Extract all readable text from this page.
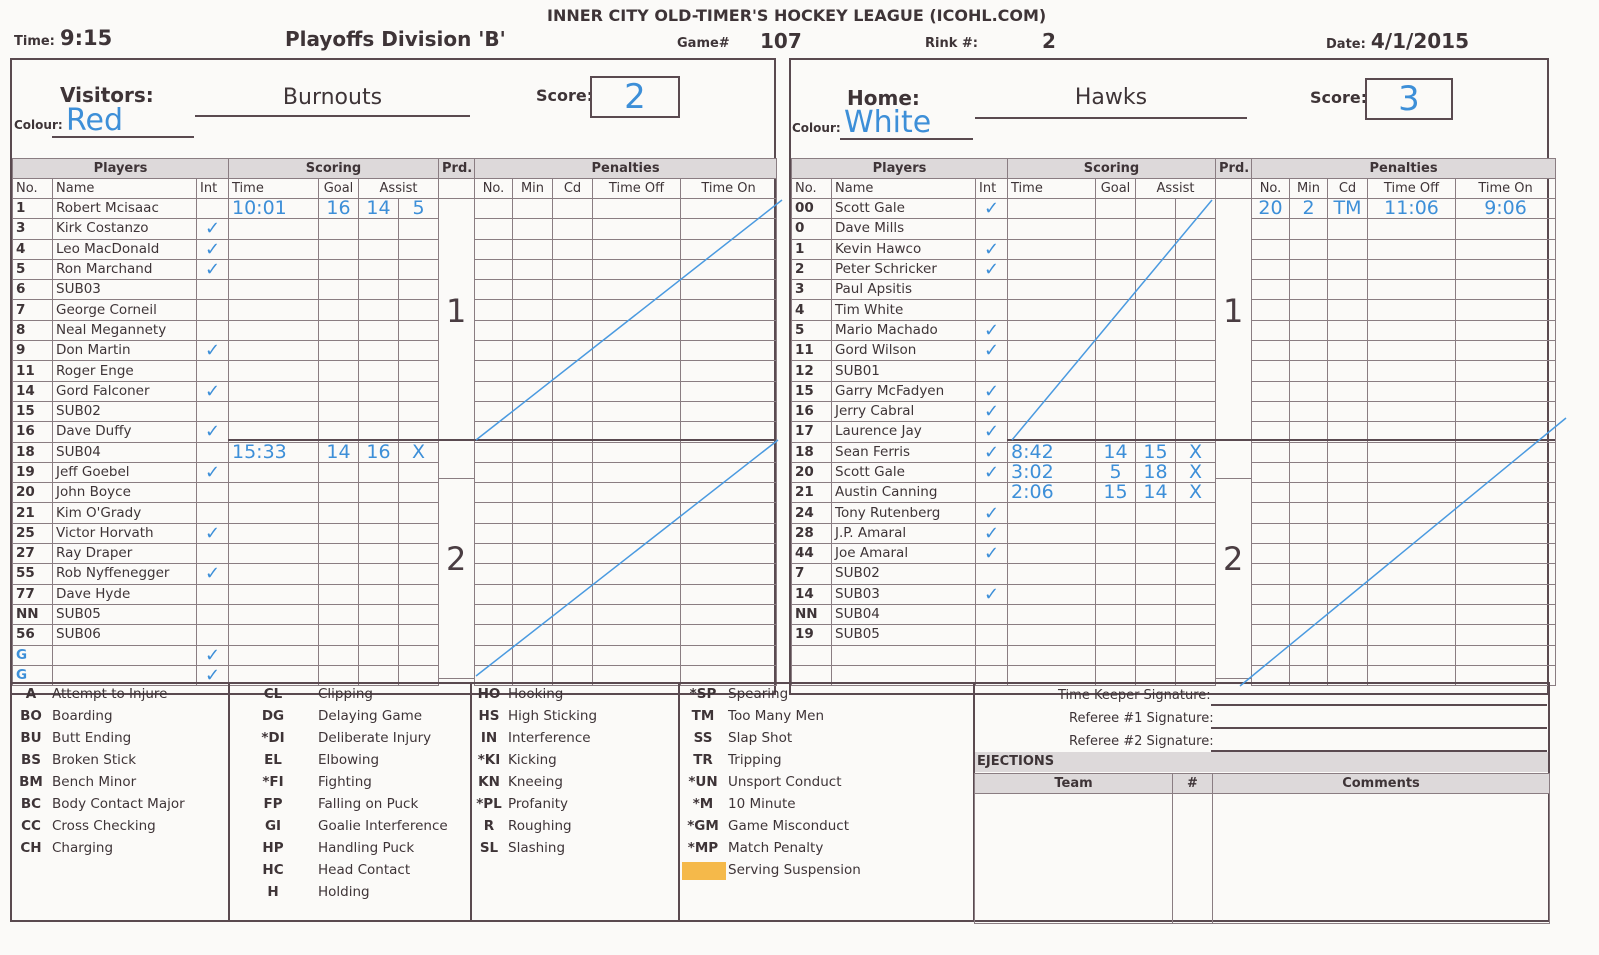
INNER CITY OLD-TIMER'S HOCKEY LEAGUE (ICOHL.COM)
Time: 9:15	Playoffs Division 'B'	Game# 107	Rink #:	2	Date: 4/1/2015
Visitors:	Burnouts	Score: 2
Colour: Red
Home:	Hawks	Score: 3
Colour: White
Players		
No.	Name	Int
1	Robert Mcisaac	
3	Kirk Costanzo	✓
4	Leo MacDonald	✓
5	Ron Marchand	✓
6	SUB03	
7	George Corneil	
8	Neal Megannety	
9	Don Martin	✓
11	Roger Enge	
14	Gord Falconer	✓
15	SUB02	
16	Dave Duffy	✓
18	SUB04	
19	Jeff Goebel	✓
20	John Boyce	
21	Kim O'Grady	
25	Victor Horvath	✓
27	Ray Draper	
55	Rob Nyffenegger	✓
77	Dave Hyde	
NN	SUB05	
56	SUB06	
G		✓
G		✓
Scoring			
Time	Goal	Assist	
10:01	16	14	5

15:33	14	16	X

Prd.	Penalties				
No.	Min	Cd	Time Off	Time On

1
2
Players		
No.	Name	Int
00	Scott Gale	✓
0	Dave Mills	
1	Kevin Hawco	✓
2	Peter Schricker	✓
3	Paul Apsitis	
4	Tim White	
5	Mario Machado	✓
11	Gord Wilson	✓
12	SUB01	
15	Garry McFadyen	✓
16	Jerry Cabral	✓
17	Laurence Jay	✓
18	Sean Ferris	✓
20	Scott Gale	✓
21	Austin Canning	
24	Tony Rutenberg	✓
28	J.P. Amaral	✓
44	Joe Amaral	✓
7	SUB02	
14	SUB03	✓
NN	SUB04	
19	SUB05	

Scoring			
Time	Goal	Assist	

8:42	14	15	X
3:02	5	18	X
2:06	15	14	X

Prd.	Penalties				
No.	Min	Cd	Time Off	Time On
20	2	TM	11:06	9:06

1
2
A	Attempt to Injure
BO Boarding
BU Butt Ending
BS Broken Stick
BM Bench Minor
BC Body Contact Major
CC Cross Checking
CH Charging
CL	Clipping
DG	Delaying Game
*DI	Deliberate Injury
EL	Elbowing
*FI	Fighting
FP	Falling on Puck
GI	Goalie Interference
HP	Handling Puck
HC	Head Contact
H	Holding
HO Hooking
HS High Sticking
IN Interference
*KI Kicking
KN Kneeing
*PL Profanity
R	Roughing
SL Slashing
*SP Spearing
TM	Too Many Men
SS	Slap Shot
TR	Tripping
*UN Unsport Conduct
*M	10 Minute
*GM Game Misconduct
*MP Match Penalty
Serving Suspension
Time Keeper Signature:
Referee #1 Signature:
Referee #2 Signature:
EJECTIONS
Team	#	Comments
